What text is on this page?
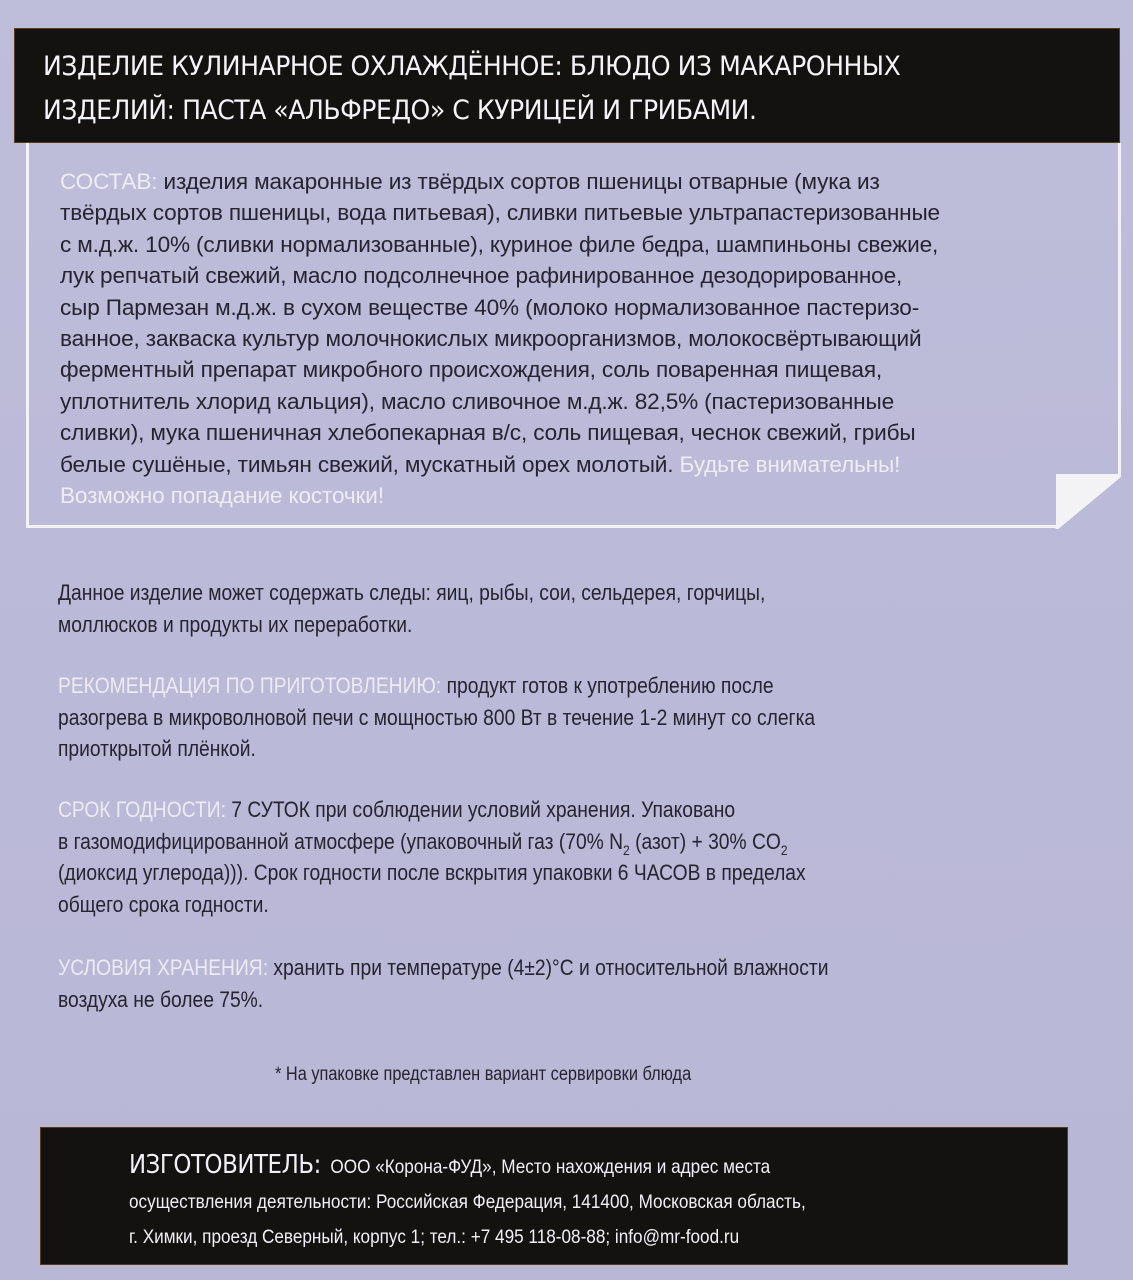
ИЗДЕЛИЕ КУЛИНАРНОЕ ОХЛАЖДЁННОЕ: БЛЮДО ИЗ МАКАРОННЫХ
ИЗДЕЛИЙ: ПАСТА «АЛЬФРЕДО» С КУРИЦЕЙ И ГРИБАМИ.
СОСТАВ: изделия макаронные из твёрдых сортов пшеницы отварные (мука из
твёрдых сортов пшеницы, вода питьевая), сливки питьевые ультрапастеризованные
с м.д.ж. 10% (сливки нормализованные), куриное филе бедра, шампиньоны свежие,
лук репчатый свежий, масло подсолнечное рафинированное дезодорированное,
сыр Пармезан м.д.ж. в сухом веществе 40% (молоко нормализованное пастеризо-
ванное, закваска культур молочнокислых микроорганизмов, молокосвёртывающий
ферментный препарат микробного происхождения, соль поваренная пищевая,
уплотнитель хлорид кальция), масло сливочное м.д.ж. 82,5% (пастеризованные
сливки), мука пшеничная хлебопекарная в/с, соль пищевая, чеснок свежий, грибы
белые сушёные, тимьян свежий, мускатный орех молотый. Будьте внимательны!
Возможно попадание косточки!
Данное изделие может содержать следы: яиц, рыбы, сои, сельдерея, горчицы,
моллюсков и продукты их переработки.
РЕКОМЕНДАЦИЯ ПО ПРИГОТОВЛЕНИЮ: продукт готов к употреблению после
разогрева в микроволновой печи с мощностью 800 Вт в течение 1-2 минут со слегка
приоткрытой плёнкой.
СРОК ГОДНОСТИ: 7 СУТОК при соблюдении условий хранения. Упаковано
в газомодифицированной атмосфере (упаковочный газ (70% $N_2$ (азот) + 30% $CO_2$
(диоксид углерода))). Срок годности после вскрытия упаковки 6 ЧАСОВ в пределах
общего срока годности.
УСЛОВИЯ ХРАНЕНИЯ: хранить при температуре (4±2)°С и относительной влажности
воздуха не более 75%.
* На упаковке представлен вариант сервировки блюда
ИЗГОТОВИТЕЛЬ: ООО «Корона-ФУД», Место нахождения и адрес места
осуществления деятельности: Российская Федерация, 141400, Московская область,
г. Химки, проезд Северный, корпус 1; тел.: +7 495 118-08-88; info@mr-food.ru
